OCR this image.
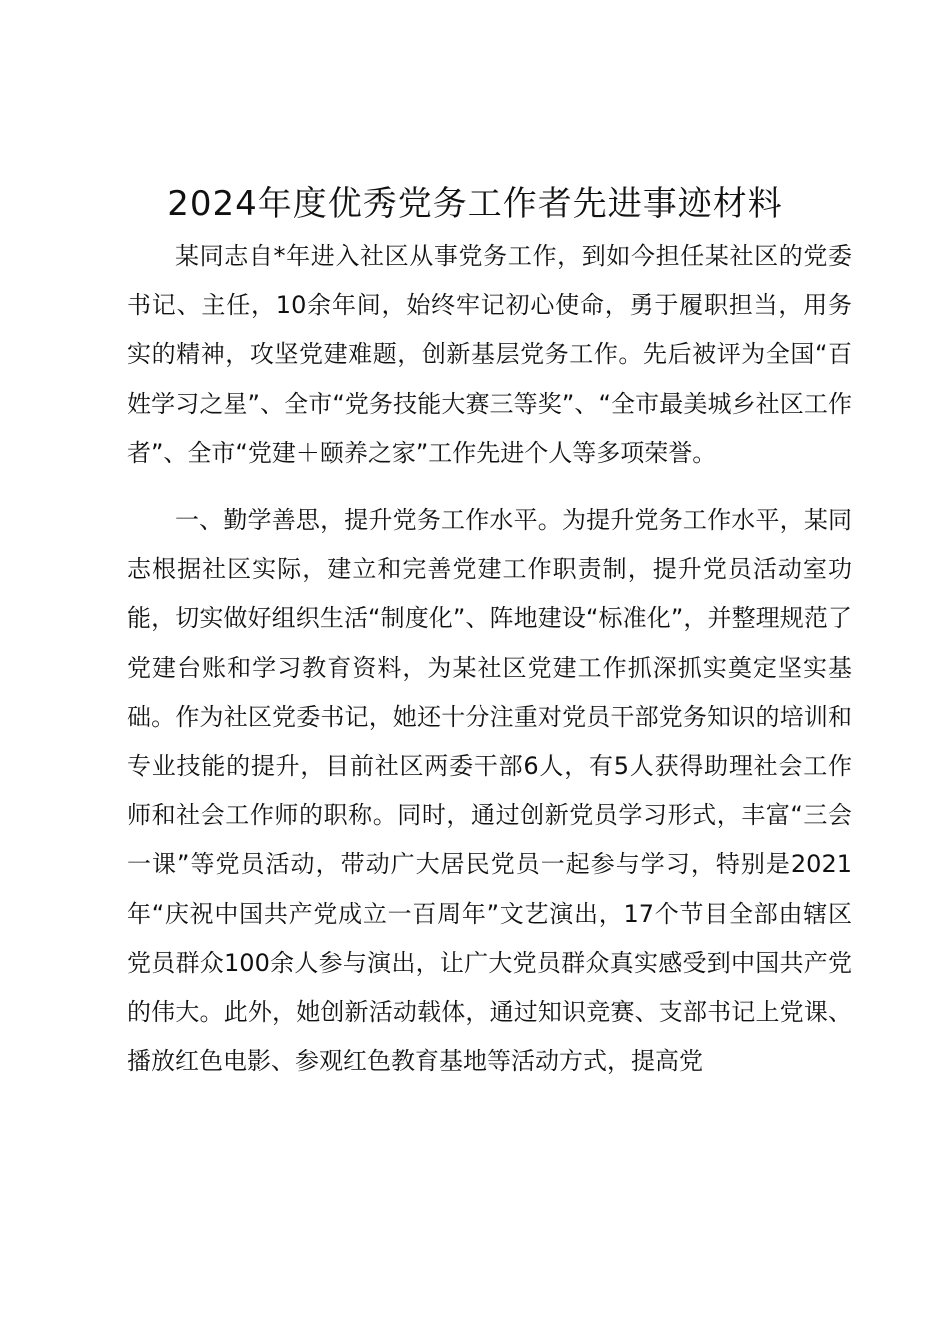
2024年度优秀党务工作者先进事迹材料

某同志自*年进入社区从事党务工作，到如今担任某社区的党委书记、主任，10余年间，始终牢记初心使命，勇于履职担当，用务实的精神，攻坚党建难题，创新基层党务工作。先后被评为全国“百姓学习之星”、全市“党务技能大赛三等奖”、“全市最美城乡社区工作者”、全市“党建＋颐养之家”工作先进个人等多项荣誉。

一、勤学善思，提升党务工作水平。为提升党务工作水平，某同志根据社区实际，建立和完善党建工作职责制，提升党员活动室功能，切实做好组织生活“制度化”、阵地建设“标准化”，并整理规范了党建台账和学习教育资料，为某社区党建工作抓深抓实奠定坚实基础。作为社区党委书记，她还十分注重对党员干部党务知识的培训和专业技能的提升，目前社区两委干部6人，有5人获得助理社会工作师和社会工作师的职称。同时，通过创新党员学习形式，丰富“三会一课”等党员活动，带动广大居民党员一起参与学习，特别是2021年“庆祝中国共产党成立一百周年”文艺演出，17个节目全部由辖区党员群众100余人参与演出，让广大党员群众真实感受到中国共产党的伟大。此外，她创新活动载体，通过知识竞赛、支部书记上党课、播放红色电影、参观红色教育基地等活动方式，提高党
